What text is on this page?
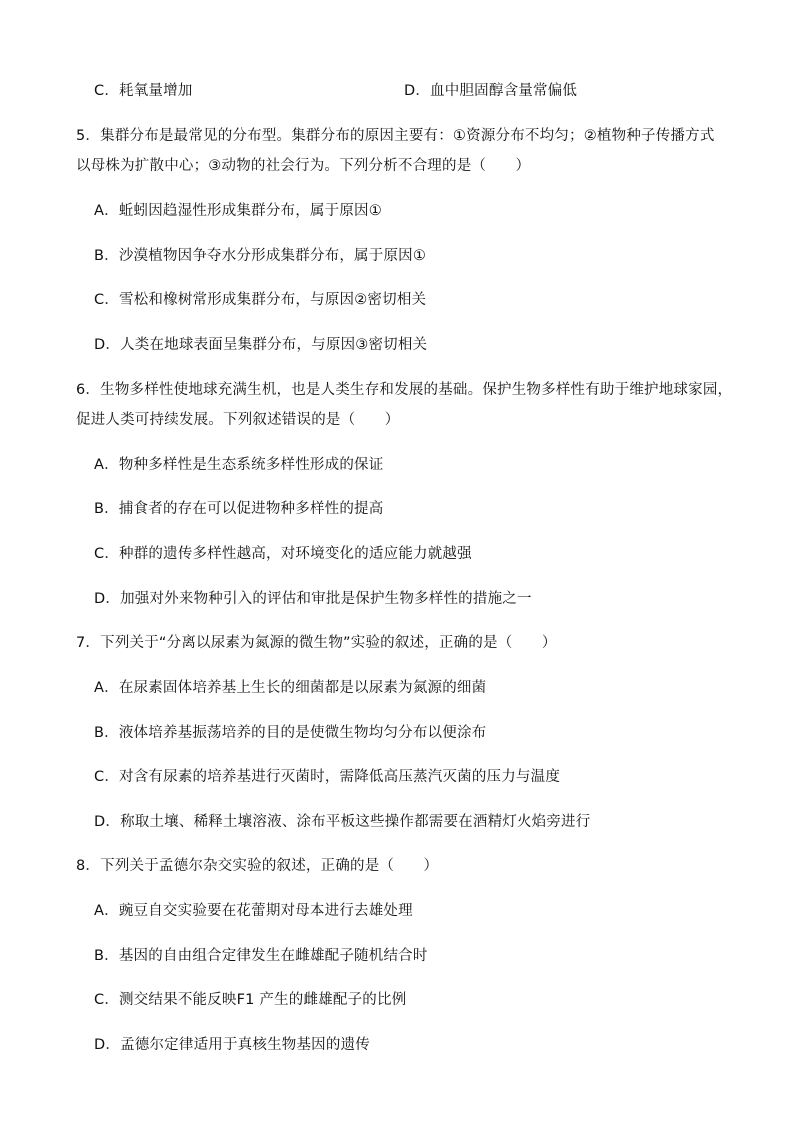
C．耗氧量增加	D．血中胆固醇含量常偏低
5．集群分布是最常见的分布型。集群分布的原因主要有：①资源分布不均匀；②植物种子传播方式
以母株为扩散中心；③动物的社会行为。下列分析不合理的是（　　）
A．蚯蚓因趋湿性形成集群分布，属于原因①
B．沙漠植物因争夺水分形成集群分布，属于原因①
C．雪松和橡树常形成集群分布，与原因②密切相关
D．人类在地球表面呈集群分布，与原因③密切相关
6．生物多样性使地球充满生机，也是人类生存和发展的基础。保护生物多样性有助于维护地球家园，
促进人类可持续发展。下列叙述错误的是（　　）
A．物种多样性是生态系统多样性形成的保证
B．捕食者的存在可以促进物种多样性的提高
C．种群的遗传多样性越高，对环境变化的适应能力就越强
D．加强对外来物种引入的评估和审批是保护生物多样性的措施之一
7．下列关于“分离以尿素为氮源的微生物”实验的叙述，正确的是（　　）
A．在尿素固体培养基上生长的细菌都是以尿素为氮源的细菌
B．液体培养基振荡培养的目的是使微生物均匀分布以便涂布
C．对含有尿素的培养基进行灭菌时，需降低高压蒸汽灭菌的压力与温度
D．称取土壤、稀释土壤溶液、涂布平板这些操作都需要在酒精灯火焰旁进行
8．下列关于孟德尔杂交实验的叙述，正确的是（　　）
A．豌豆自交实验要在花蕾期对母本进行去雄处理
B．基因的自由组合定律发生在雌雄配子随机结合时
C．测交结果不能反映F1 产生的雌雄配子的比例
D．孟德尔定律适用于真核生物基因的遗传
